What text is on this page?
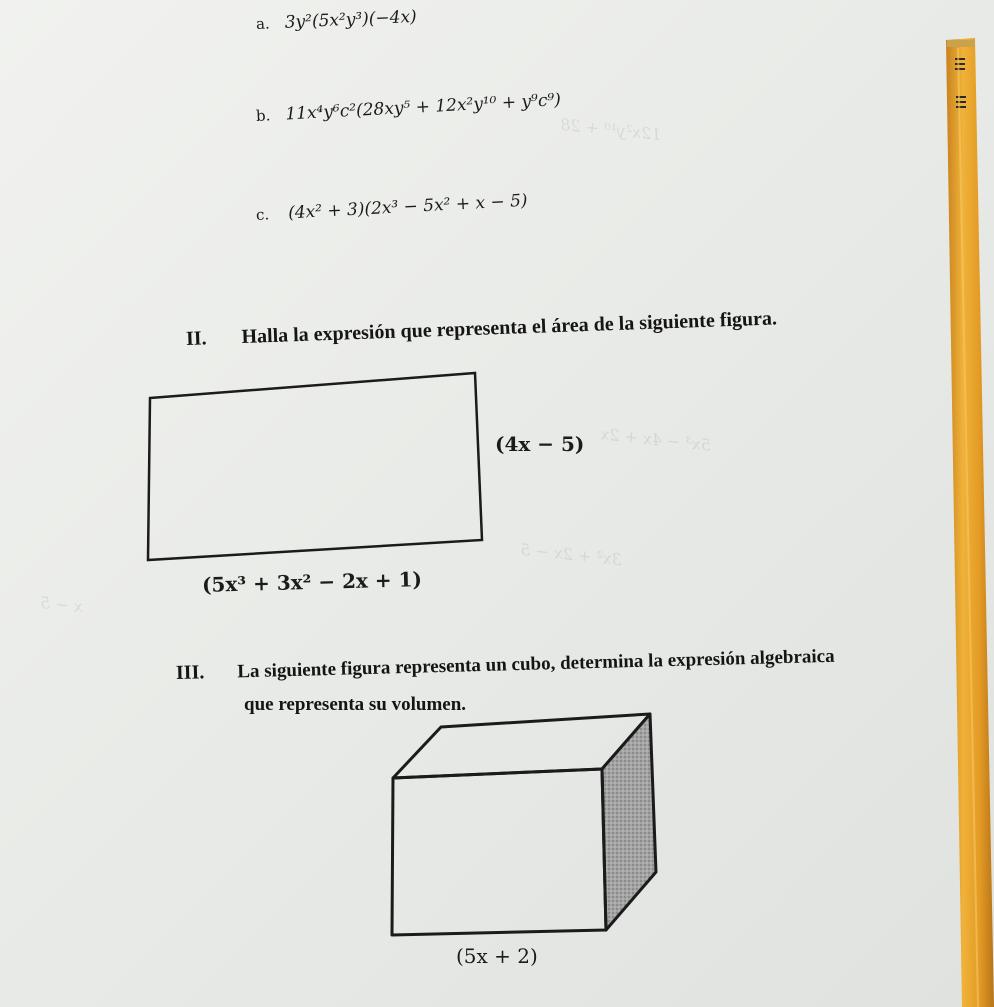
12x²y¹⁰ + 28
5x³ − 4x + 2x
3x² + 2x − 5
x − 5
a. 3y²(5x²y³)(−4x)
b. 11x⁴y⁶c²(28xy⁵ + 12x²y¹⁰ + y⁹c⁹)
c. (4x² + 3)(2x³ − 5x² + x − 5)
II. Halla la expresión que representa el área de la siguiente figura.
(4x − 5)
(5x³ + 3x² − 2x + 1)
III. La siguiente figura representa un cubo, determina la expresión algebraica
que representa su volumen.
(5x + 2)
